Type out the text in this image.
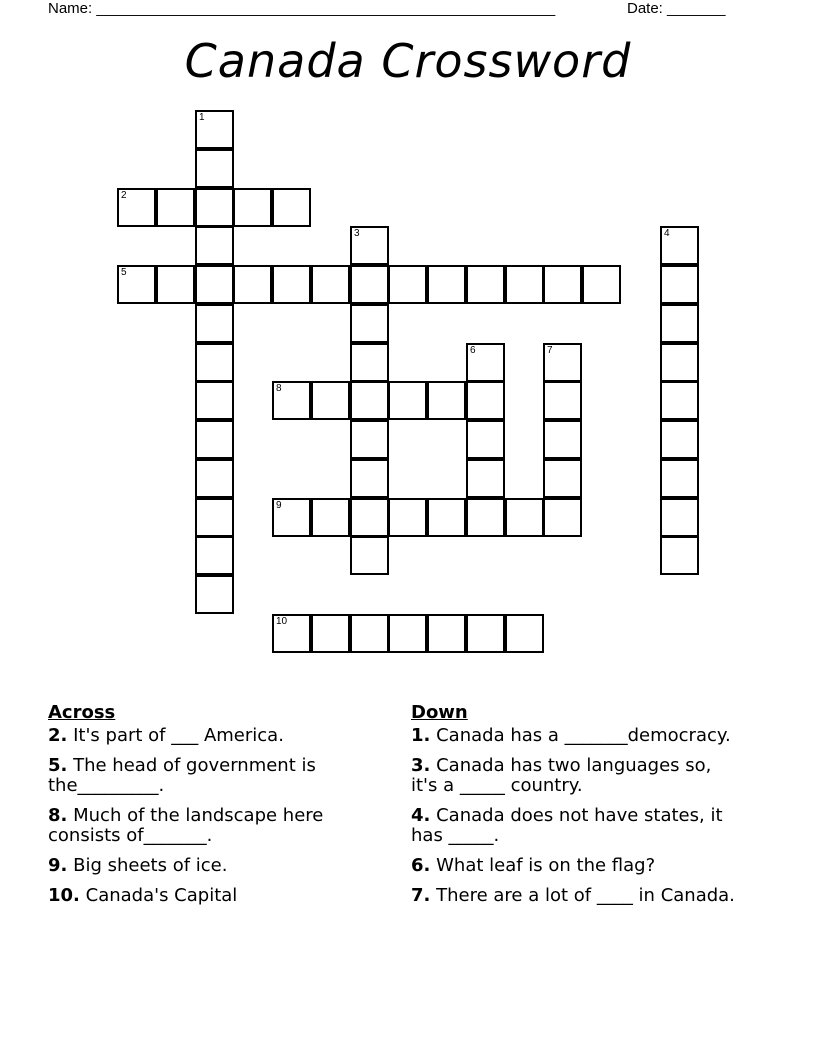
Name: _______________________________________________________	Date: _______
Canada Crossword
1
2
3	4
5
6	7
8
9
10
Across
2. It's part of ___ America.
5. The head of government is the_________.
8. Much of the landscape here consists of_______.
9. Big sheets of ice.
10. Canada's Capital
Down
1. Canada has a _______democracy.
3. Canada has two languages so, it's a _____ country.
4. Canada does not have states, it has _____.
6. What leaf is on the flag?
7. There are a lot of ____ in Canada.
